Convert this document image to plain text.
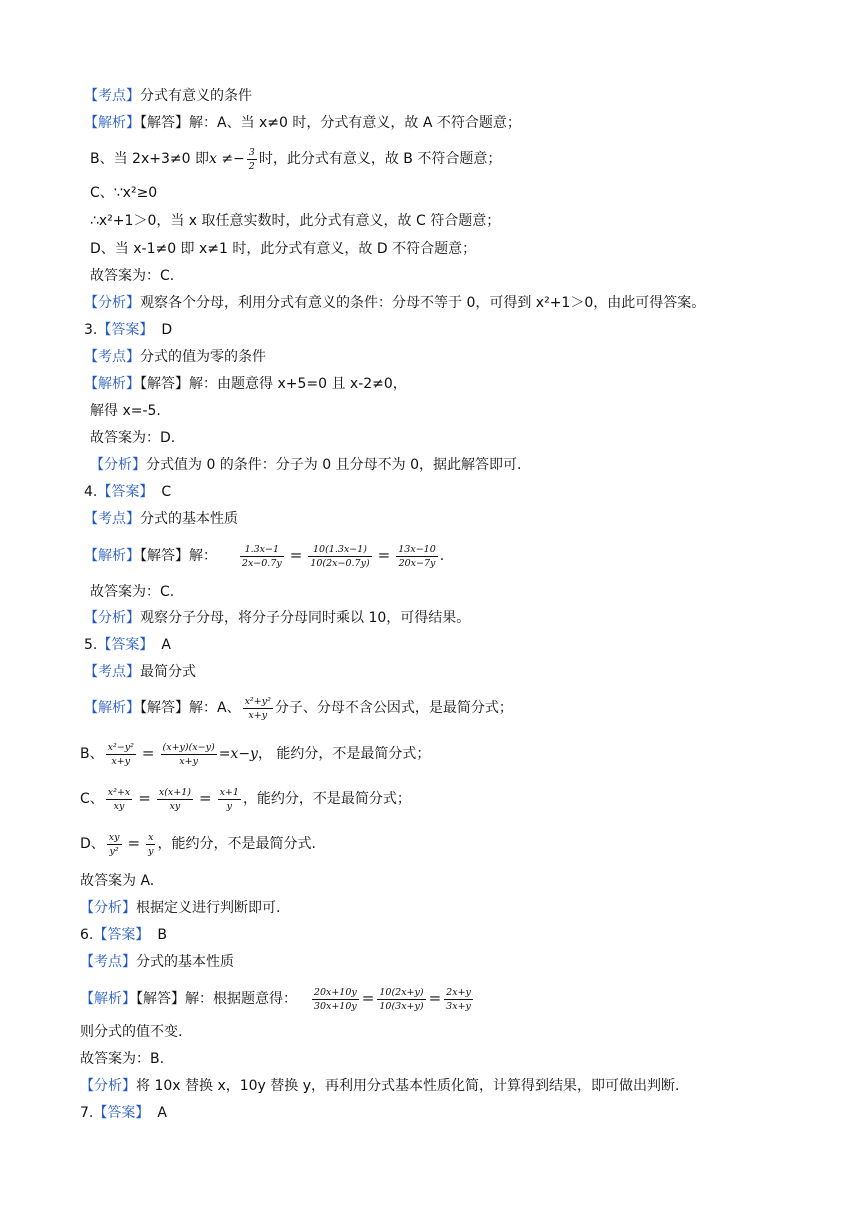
【考点】分式有意义的条件
【解析】【解答】解：A、当 x≠0 时，分式有意义，故 A 不符合题意；
B、当 2x+3≠0 即$x \ne- \frac{3}{2}$ 时，此分式有意义，故 B 不符合题意；
C、∵x²≥0
∴x²+1＞0，当 x 取任意实数时，此分式有意义，故 C 符合题意；
D、当 x-1≠0 即 x≠1 时，此分式有意义，故 D 不符合题意；
故答案为：C.
【分析】观察各个分母，利用分式有意义的条件：分母不等于 0，可得到 x²+1＞0，由此可得答案。
3.【答案】 D
【考点】分式的值为零的条件
【解析】【解答】解：由题意得 x+5=0 且 x-2≠0，
解得 x=-5.
故答案为：D.
【分析】分式值为 0 的条件：分子为 0 且分母不为 0，据此解答即可.
4.【答案】 C
【考点】分式的基本性质
【解析】【解答】解： $\frac{1.3x-1}{2x-0.7y} = \frac{10(1.3x-1)}{10(2x-0.7y)} = \frac{13x-10}{20x-7y}$ .
故答案为：C.
【分析】观察分子分母，将分子分母同时乘以 10，可得结果。
5.【答案】 A
【考点】最简分式
【解析】【解答】解：A、 $\frac{\text{x²+y²}}{x+y}$ 分子、分母不含公因式，是最简分式；
B、 $\frac{\text{x²−y²}}{x+y} = \frac{(x+y)(x-y)}{x+y} =x-y$， 能约分，不是最简分式；
C、 $\frac{\text{x²+x}}{xy} = \frac{x(x+1)}{xy} = \frac{x+1}{y}$ ，能约分，不是最简分式；
D、 $\frac{xy}{\text{y²}} = \frac{x}{y}$ ，能约分，不是最简分式.
故答案为 A.
【分析】根据定义进行判断即可.
6.【答案】 B
【考点】分式的基本性质
【解析】【解答】解：根据题意得： $\frac{20x+10y}{30x+10y} = \frac{10(2x+y)}{10(3x+y)} = \frac{2x+y}{3x+y}$
则分式的值不变.
故答案为：B.
【分析】将 10x 替换 x，10y 替换 y，再利用分式基本性质化简，计算得到结果，即可做出判断.
7.【答案】 A
